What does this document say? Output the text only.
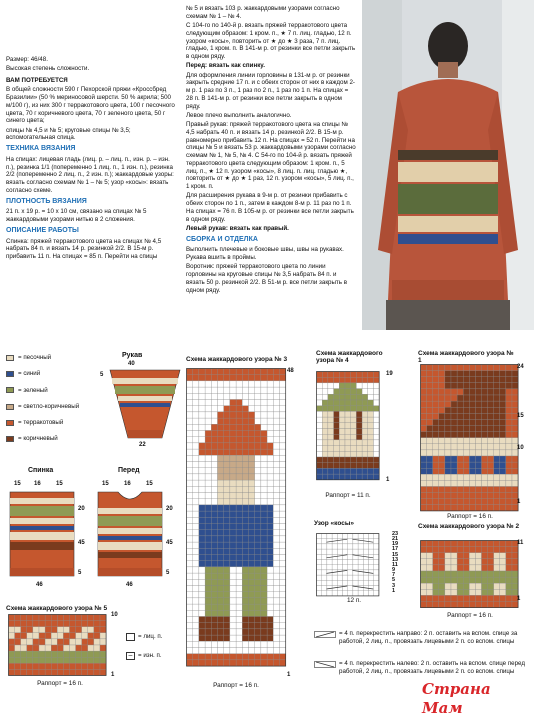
Размер: 46/48.

Высокая степень сложности.

ВАМ ПОТРЕБУЕТСЯ

В общей сложности 590 г Пехорской пряжи «Кроссбред Бразилии» (50 % мериносовой шерсти. 50 % акрила; 500 м/100 г), из них 300 г терракотового цвета, 100 г песочного цвета, 70 г коричневого цвета, 70 г зеленого цвета, 50 г синего цвета;

спицы № 4,5 и № 5; круговые спицы № 3,5; вспомогательная спица.

ТЕХНИКА ВЯЗАНИЯ

На спицах: лицевая гладь (лиц. р. – лиц. п., изн. р. – изн. п.), резинка 1/1 (попеременно 1 лиц. п., 1 изн. п.), резинка 2/2 (попеременно 2 лиц. п., 2 изн. п.); жаккардовые узоры: вязать согласно схемам № 1 – № 5; узор «косы»: вязать согласно схеме.

ПЛОТНОСТЬ ВЯЗАНИЯ

21 п. х 19 р. = 10 х 10 см, связано на спицах № 5 жаккардовыми узорами нитью в 2 сложения.

ОПИСАНИЕ РАБОТЫ

Спинка: пряжей терракотового цвета на спицах № 4,5 набрать 84 п. и вязать 14 р. резинкой 2/2. В 15-м р. прибавить 11 п. На спицах = 85 п. Перейти на спицы

№ 5 и вязать 103 р. жаккардовыми узорами согласно схемам № 1 – № 4.

С 104-го по 140-й р. вязать пряжей терракотового цвета следующим образом: 1 кром. п., ★ 7 п. лиц. гладью, 12 п. узором «косы», повторить от ★ до ★ 3 раза, 7 п. лиц. гладью, 1 кром. п. В 141-м р. от резинки все петли закрыть в одном ряду.

Перед: вязать как спинку.

Для оформления линии горловины в 131-м р. от резинки закрыть средние 17 п. и с обеих сторон от них в каждом 2-м р. 1 раз по 3 п., 1 раз по 2 п., 1 раз по 1 п. На спицах = 28 п. В 141-м р. от резинки все петли закрыть в одном ряду.

Левое плечо выполнить аналогично.

Правый рукав: пряжей терракотового цвета на спицы № 4,5 набрать 40 п. и вязать 14 р. резинкой 2/2. В 15-м р. равномерно прибавить 12 п. На спицах = 52 п. Перейти на спицы № 5 и вязать 53 р. жаккардовыми узорами согласно схемам № 1, № 5, № 4. С 54-го по 104-й р. вязать пряжей терракотового цвета следующим образом: 1 кром. п., 5 лиц. п., ★ 12 п. узором «косы», 8 лиц. п. лиц. гладью ★, повторить от ★ до ★ 1 раз, 12 п. узором «косы», 5 лиц. п., 1 кром. п.

Для расширения рукава в 9-м р. от резинки прибавить с обеих сторон по 1 п., затем в каждом 8-м р. 11 раз по 1 п. На спицах = 76 п. В 105-м р. от резинки все петли закрыть в одном ряду.

Левый рукав: вязать как правый.

СБОРКА И ОТДЕЛКА

Выполнить плечевые и боковые швы, швы на рукавах. Рукава вшить в проймы.

Воротник: пряжей терракотового цвета по линии горловины на круговые спицы № 3,5 набрать 84 п. и вязать 50 р. резинкой 2/2. В 51-м р. все петли закрыть в одном ряду.

= песочный
= синий
= зеленый
= светло-коричневый
= терракотовый
= коричневый
Рукав
40
5
22
Спинка
15 16	15
20
45
5
46
Перед
15	16	15
20
45
5
46
Схема жаккардового узора № 5
10
1
Раппорт = 16 п.
= лиц. п.
– = изн. п.
Схема жаккардового узора № 3
48
1
Раппорт = 16 п.
Схема жаккардового узора № 4
19
1
Раппорт = 11 п.
Узор «косы»
23
21
19
17
15
13
11
9
7
5
3
1
12 п.
Схема жаккардового узора № 1
24
15
10
1
Раппорт = 16 п.
Схема жаккардового узора № 2
11
1
Раппорт = 16 п.
= 4 п. перекрестить направо: 2 п. оставить на вспом. спице за работой, 2 лиц. п., провязать лицевыми 2 п. со вспом. спицы
= 4 п. перекрестить налево: 2 п. оставить на вспом. спице перед работой, 2 лиц. п., провязать лицевыми 2 п. со вспом. спицы
Страна Мам
